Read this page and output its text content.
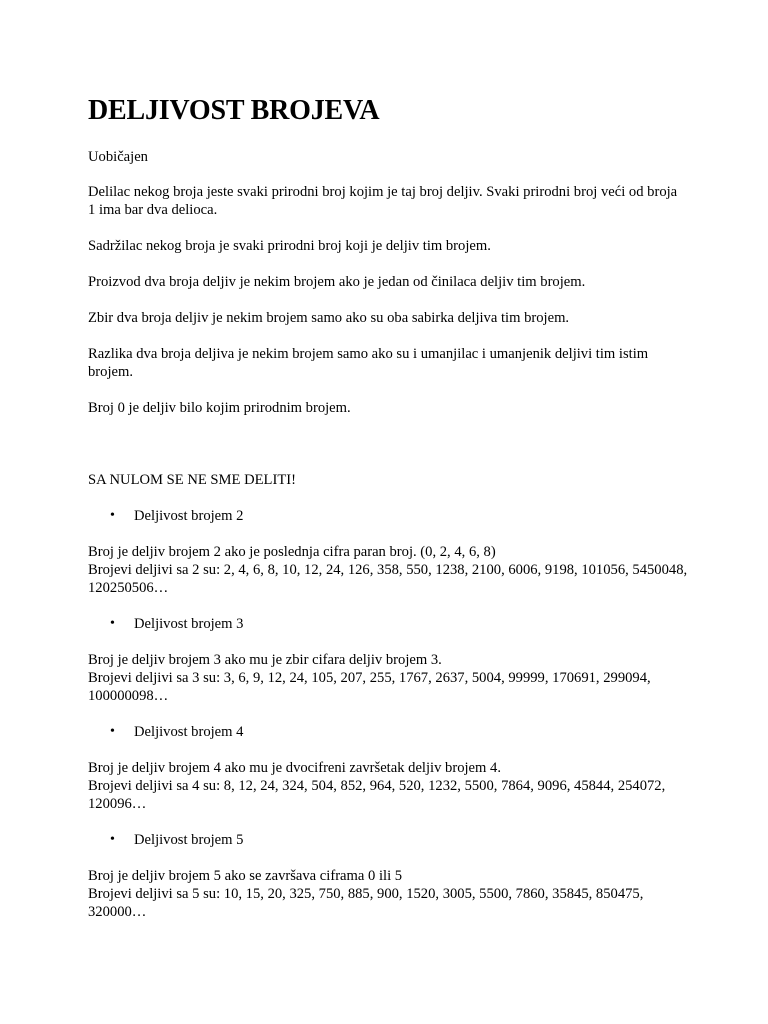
DELJIVOST BROJEVA

Uobičajen

Delilac nekog broja jeste svaki prirodni broj kojim je taj broj deljiv. Svaki prirodni broj veći od broja 1 ima bar dva delioca.

Sadržilac nekog broja je svaki prirodni broj koji je deljiv tim brojem.

Proizvod dva broja deljiv je nekim brojem ako je jedan od činilaca deljiv tim brojem.

Zbir dva broja deljiv je nekim brojem samo ako su oba sabirka deljiva tim brojem.

Razlika dva broja deljiva je nekim brojem samo ako su i umanjilac i umanjenik deljivi tim istim brojem.

Broj 0 je deljiv bilo kojim prirodnim brojem.

SA NULOM SE NE SME DELITI!

• Deljivost brojem 2

Broj je deljiv brojem 2 ako je poslednja cifra paran broj. (0, 2, 4, 6, 8)

Brojevi deljivi sa 2 su: 2, 4, 6, 8, 10, 12, 24, 126, 358, 550, 1238, 2100, 6006, 9198, 101056, 5450048, 120250506…

• Deljivost brojem 3

Broj je deljiv brojem 3 ako mu je zbir cifara deljiv brojem 3.

Brojevi deljivi sa 3 su: 3, 6, 9, 12, 24, 105, 207, 255, 1767, 2637, 5004, 99999, 170691, 299094, 100000098…

• Deljivost brojem 4

Broj je deljiv brojem 4 ako mu je dvocifreni završetak deljiv brojem 4.

Brojevi deljivi sa 4 su: 8, 12, 24, 324, 504, 852, 964, 520, 1232, 5500, 7864, 9096, 45844, 254072, 120096…

• Deljivost brojem 5

Broj je deljiv brojem 5 ako se završava ciframa 0 ili 5

Brojevi deljivi sa 5 su: 10, 15, 20, 325, 750, 885, 900, 1520, 3005, 5500, 7860, 35845, 850475, 320000…
